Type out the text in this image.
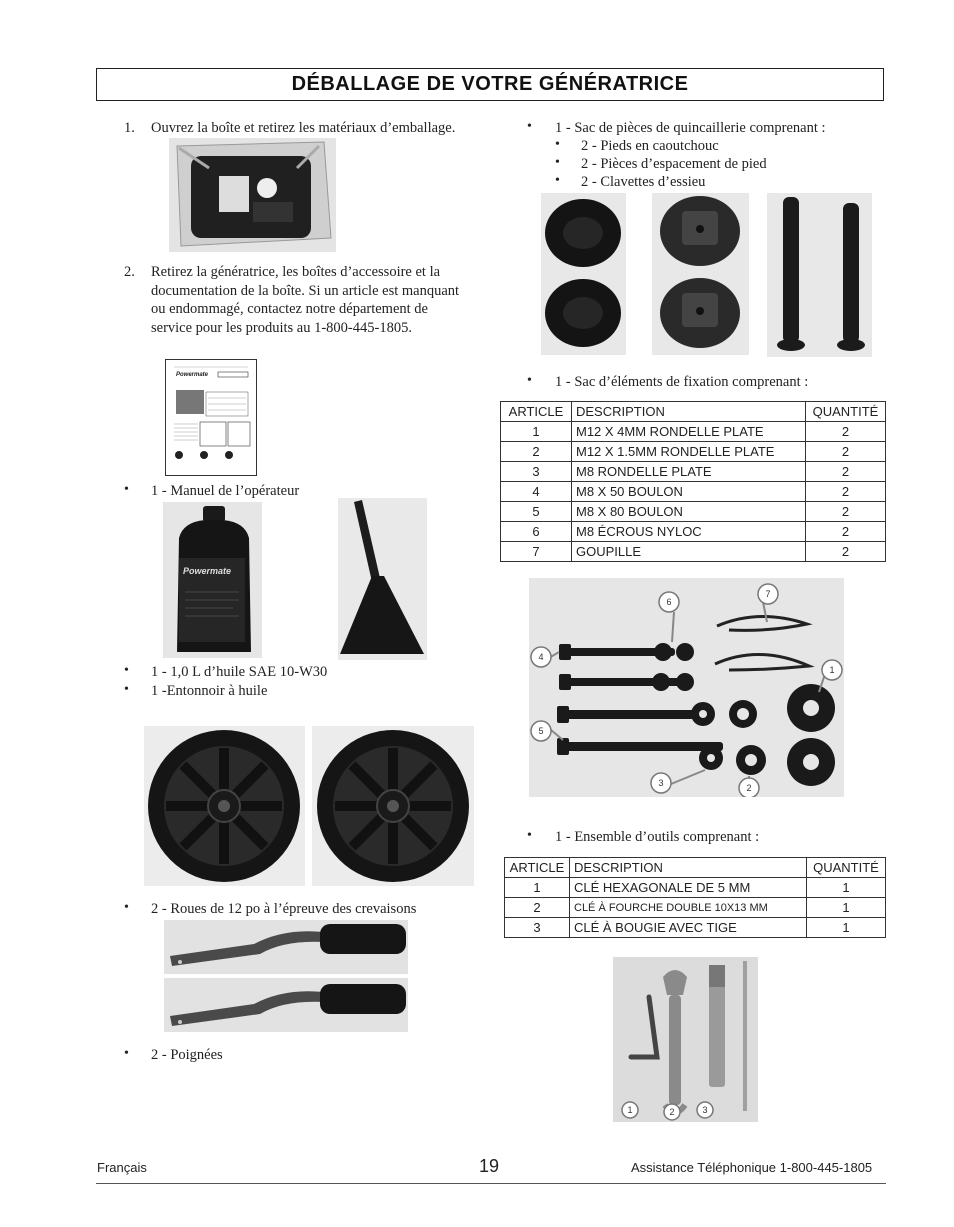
DÉBALLAGE DE VOTRE GÉNÉRATRICE
1.	Ouvrez la boîte et retirez les matériaux d’emballage.
2.	Retirez la génératrice, les boîtes d’accessoire et la
documentation de la boîte. Si un article est manquant
ou endommagé, contactez notre département de
service pour les produits au 1-800-445-1805.
Powermate
• 1 - Manuel de l’opérateur
Powermate
• 1 - 1,0 L d’huile SAE 10-W30
• 1 -Entonnoir à huile
• 2 - Roues de 12 po à l’épreuve des crevaisons
• 2 - Poignées
• 1 - Sac de pièces de quincaillerie comprenant :
• 2 - Pieds en caoutchouc
• 2 - Pièces d’espacement de pied
• 2 - Clavettes d’essieu
• 1 - Sac d’éléments de fixation comprenant :
ARTICLE	DESCRIPTION	QUANTITÉ
1	M12 X 4MM RONDELLE PLATE	2
2	M12 X 1.5MM RONDELLE PLATE	2
3	M8 RONDELLE PLATE	2
4	M8 X 50 BOULON	2
5	M8 X 80 BOULON	2
6	M8 ÉCROUS NYLOC	2
7	GOUPILLE	2
6
7
4
1
5
3	2
• 1 - Ensemble d’outils comprenant :
ARTICLE	DESCRIPTION	QUANTITÉ
1	CLÉ HEXAGONALE DE 5 MM	1
2	CLÉ À FOURCHE DOUBLE 10X13 MM	1
3	CLÉ À BOUGIE AVEC TIGE	1
1	2	3
Français	19	Assistance Téléphonique 1-800-445-1805
